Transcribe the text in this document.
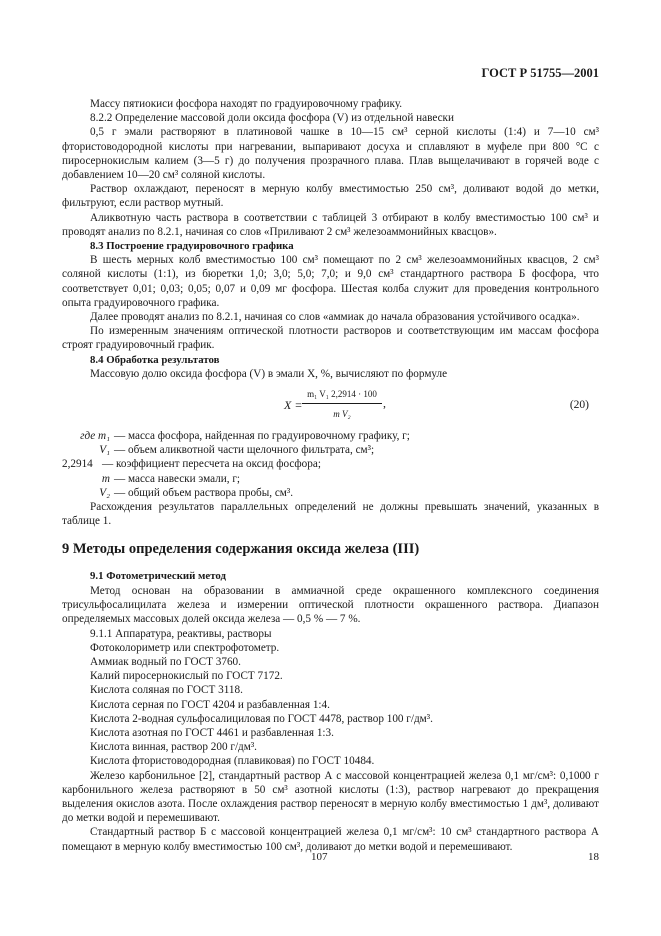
ГОСТ Р 51755—2001

Массу пятиокиси фосфора находят по градуировочному графику.

8.2.2 Определение массовой доли оксида фосфора (V) из отдельной навески

0,5 г эмали растворяют в платиновой чашке в 10—15 см³ серной кислоты (1:4) и 7—10 см³ фтористоводородной кислоты при нагревании, выпаривают досуха и сплавляют в муфеле при 800 °С с пиросернокислым калием (3—5 г) до получения прозрачного плава. Плав выщелачивают в горячей воде с добавлением 10—20 см³ соляной кислоты.

Раствор охлаждают, переносят в мерную колбу вместимостью 250 см³, доливают водой до метки, фильтруют, если раствор мутный.

Аликвотную часть раствора в соответствии с таблицей 3 отбирают в колбу вместимостью 100 см³ и проводят анализ по 8.2.1, начиная со слов «Приливают 2 см³ железоаммонийных квасцов».

8.3 Построение градуировочного графика

В шесть мерных колб вместимостью 100 см³ помещают по 2 см³ железоаммонийных квасцов, 2 см³ соляной кислоты (1:1), из бюретки 1,0; 3,0; 5,0; 7,0; и 9,0 см³ стандартного раствора Б фосфора, что соответствует 0,01; 0,03; 0,05; 0,07 и 0,09 мг фосфора. Шестая колба служит для проведения контрольного опыта градуировочного графика.

Далее проводят анализ по 8.2.1, начиная со слов «аммиак до начала образования устойчивого осадка».

По измеренным значениям оптической плотности растворов и соответствующим им массам фосфора строят градуировочный график.

8.4 Обработка результатов

Массовую долю оксида фосфора (V) в эмали X, %, вычисляют по формуле

$X = \frac{\text{m₁ V₁ 2,2914 · 100}}{\text{m V₂}}$ ,	(20)
где m₁ — масса фосфора, найденная по градуировочному графику, г;
V₁ — объем аликвотной части щелочного фильтрата, см³;
2,2914 — коэффициент пересчета на оксид фосфора;
m — масса навески эмали, г;
V₂ — общий объем раствора пробы, см³.

Расхождения результатов параллельных определений не должны превышать значений, указанных в таблице 1.

9 Методы определения содержания оксида железа (III)

9.1 Фотометрический метод

Метод основан на образовании в аммиачной среде окрашенного комплексного соединения трисульфосалицилата железа и измерении оптической плотности окрашенного раствора. Диапазон определяемых массовых долей оксида железа — 0,5 % — 7 %.

9.1.1 Аппаратура, реактивы, растворы

Фотоколориметр или спектрофотометр.
Аммиак водный по ГОСТ 3760.
Калий пиросернокислый по ГОСТ 7172.
Кислота соляная по ГОСТ 3118.
Кислота серная по ГОСТ 4204 и разбавленная 1:4.
Кислота 2-водная сульфосалициловая по ГОСТ 4478, раствор 100 г/дм³.
Кислота азотная по ГОСТ 4461 и разбавленная 1:3.
Кислота винная, раствор 200 г/дм³.
Кислота фтористоводородная (плавиковая) по ГОСТ 10484.

Железо карбонильное [2], стандартный раствор А с массовой концентрацией железа 0,1 мг/см³: 0,1000 г карбонильного железа растворяют в 50 см³ азотной кислоты (1:3), раствор нагревают до прекращения выделения окислов азота. После охлаждения раствор переносят в мерную колбу вместимостью 1 дм³, доливают до метки водой и перемешивают.

Стандартный раствор Б с массовой концентрацией железа 0,1 мг/см³: 10 см³ стандартного раствора А помещают в мерную колбу вместимостью 100 см³, доливают до метки водой и перемешивают.

107	18
